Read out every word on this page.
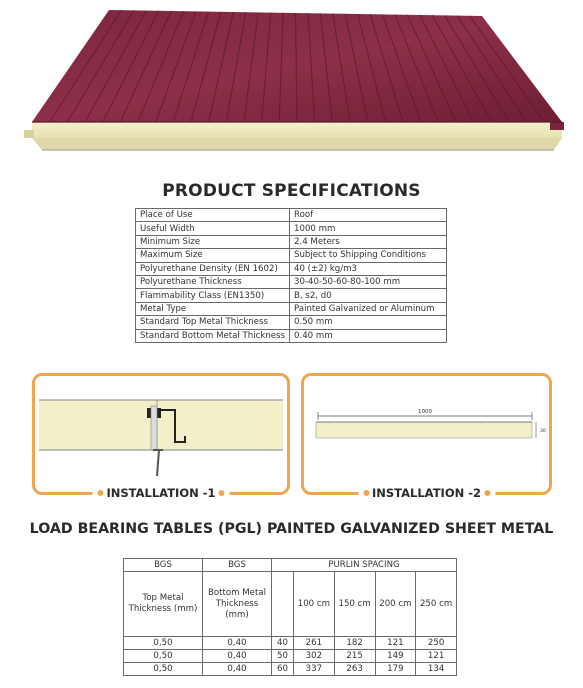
PRODUCT SPECIFICATIONS
Place of Use	Roof
Useful Width	1000 mm
Minimum Size	2.4 Meters
Maximum Size	Subject to Shipping Conditions
Polyurethane Density (EN 1602)	40 (±2) kg/m3
Polyurethane Thickness	30-40-50-60-80-100 mm
Flammability Class (EN1350)	B, s2, d0
Metal Type	Painted Galvanized or Aluminum
Standard Top Metal Thickness	0.50 mm
Standard Bottom Metal Thickness	0.40 mm
INSTALLATION -1
1000
30
INSTALLATION -2
LOAD BEARING TABLES (PGL) PAINTED GALVANIZED SHEET METAL
BGS	BGS	PURLIN SPACING				
Top Metal Thickness (mm)	Bottom Metal Thickness (mm)		100 cm	150 cm	200 cm	250 cm
0,50	0,40	40	261	182	121	250
0,50	0,40	50	302	215	149	121
0,50	0,40	60	337	263	179	134
